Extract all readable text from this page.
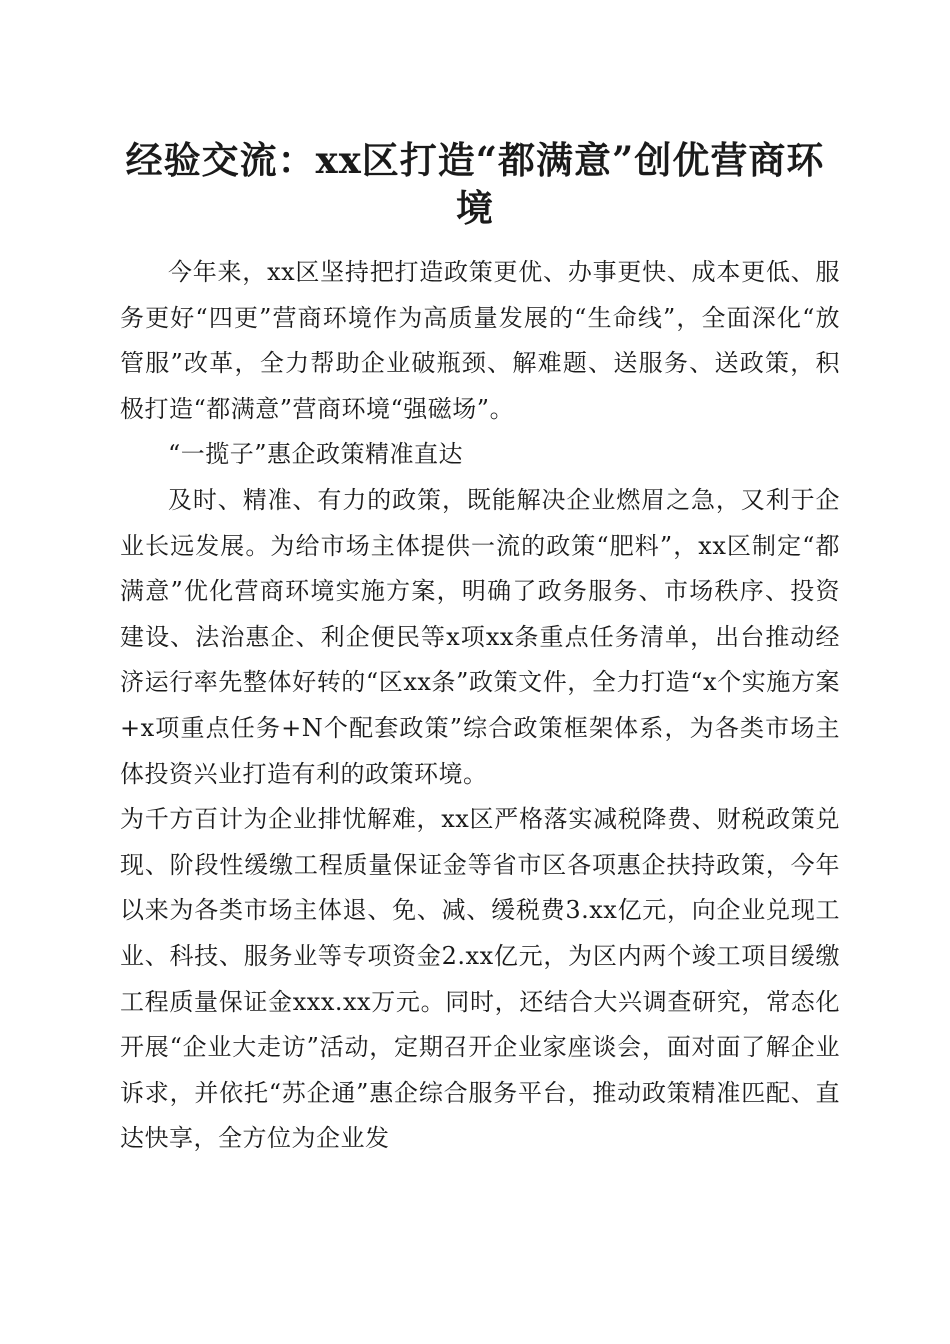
经验交流：xx区打造“都满意”创优营商环境

今年来，xx区坚持把打造政策更优、办事更快、成本更低、服务更好“四更”营商环境作为高质量发展的“生命线”，全面深化“放管服”改革，全力帮助企业破瓶颈、解难题、送服务、送政策，积极打造“都满意”营商环境“强磁场”。

“一揽子”惠企政策精准直达

及时、精准、有力的政策，既能解决企业燃眉之急，又利于企业长远发展。为给市场主体提供一流的政策“肥料”，xx区制定“都满意”优化营商环境实施方案，明确了政务服务、市场秩序、投资建设、法治惠企、利企便民等x项xx条重点任务清单，出台推动经济运行率先整体好转的“区xx条”政策文件，全力打造“x个实施方案+x项重点任务+N个配套政策”综合政策框架体系，为各类市场主体投资兴业打造有利的政策环境。

为千方百计为企业排忧解难，xx区严格落实减税降费、财税政策兑现、阶段性缓缴工程质量保证金等省市区各项惠企扶持政策，今年以来为各类市场主体退、免、减、缓税费3.xx亿元，向企业兑现工业、科技、服务业等专项资金2.xx亿元，为区内两个竣工项目缓缴工程质量保证金xxx.xx万元。同时，还结合大兴调查研究，常态化开展“企业大走访”活动，定期召开企业家座谈会，面对面了解企业诉求，并依托“苏企通”惠企综合服务平台，推动政策精准匹配、直达快享，全方位为企业发
